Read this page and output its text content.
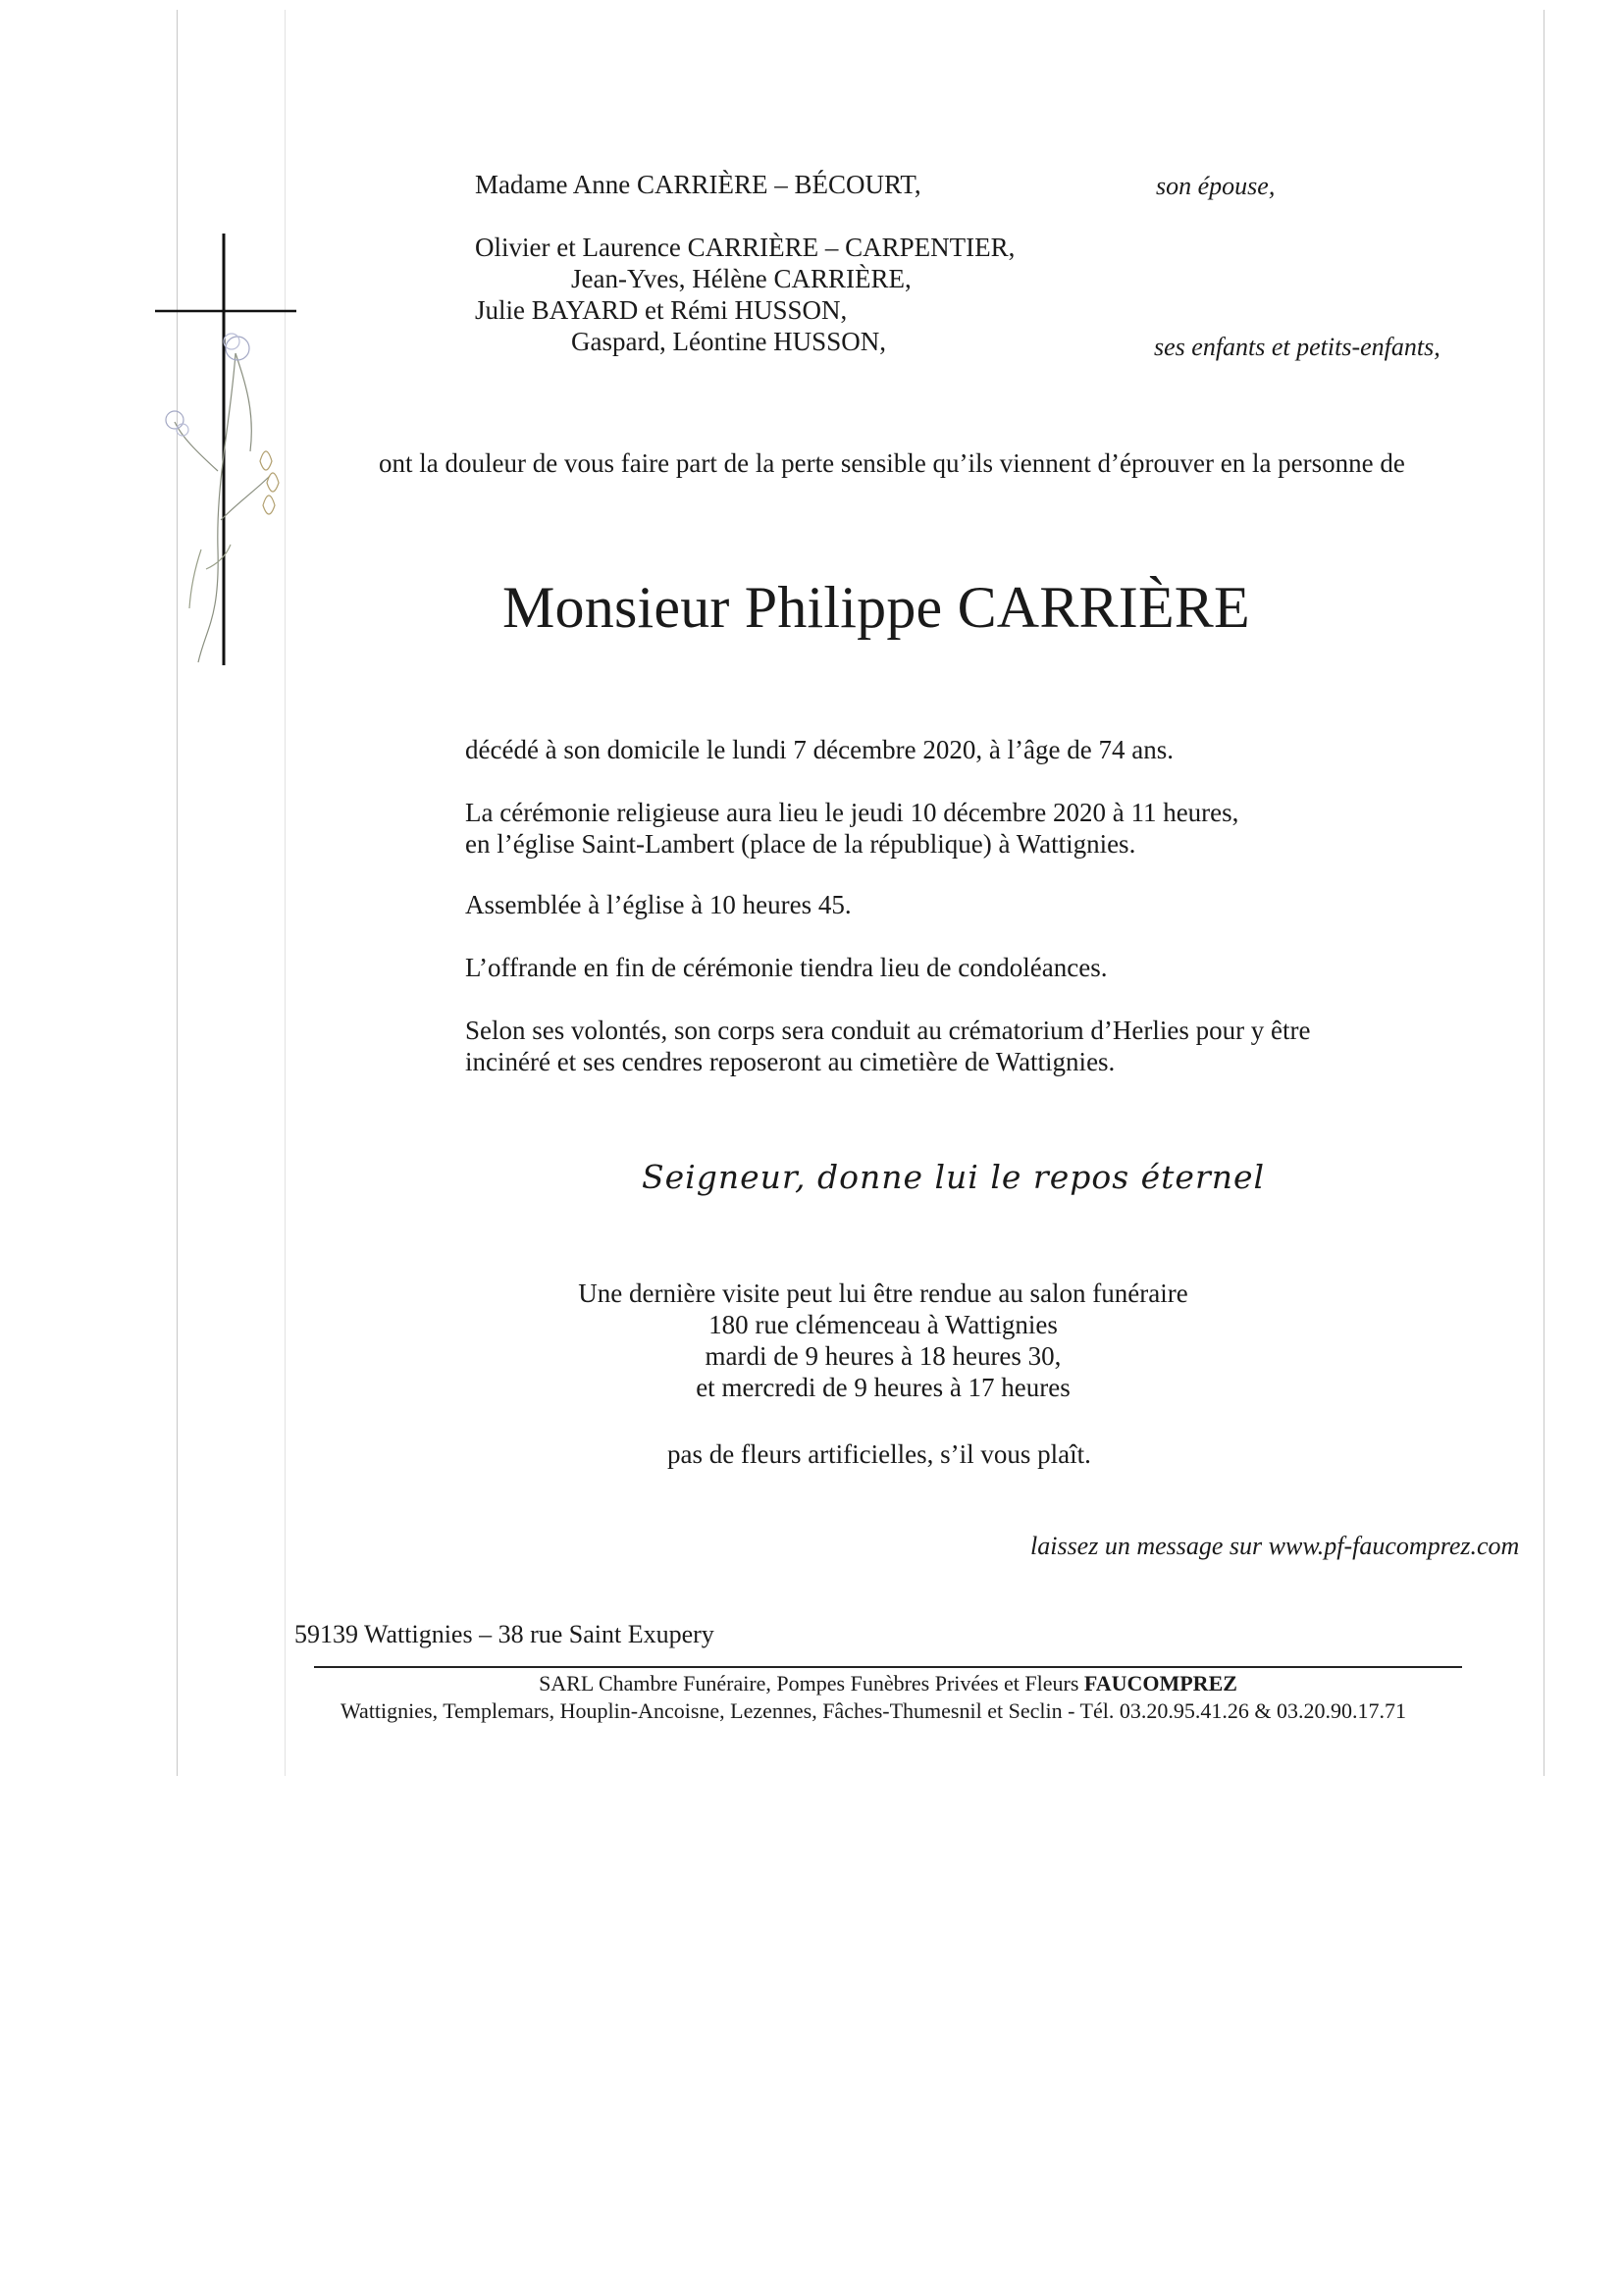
Madame Anne CARRIÈRE – BÉCOURT,	son épouse,
Olivier et Laurence CARRIÈRE – CARPENTIER,
Jean-Yves, Hélène CARRIÈRE,
Julie BAYARD et Rémi HUSSON,
Gaspard, Léontine HUSSON,	ses enfants et petits-enfants,
ont la douleur de vous faire part de la perte sensible qu’ils viennent d’éprouver en la personne de
Monsieur Philippe CARRIÈRE
décédé à son domicile le lundi 7 décembre 2020, à l’âge de 74 ans.
La cérémonie religieuse aura lieu le jeudi 10 décembre 2020 à 11 heures,
en l’église Saint-Lambert (place de la république) à Wattignies.
Assemblée à l’église à 10 heures 45.
L’offrande en fin de cérémonie tiendra lieu de condoléances.
Selon ses volontés, son corps sera conduit au crématorium d’Herlies pour y être
incinéré et ses cendres reposeront au cimetière de Wattignies.
Seigneur, donne lui le repos éternel
Une dernière visite peut lui être rendue au salon funéraire
180 rue clémenceau à Wattignies
mardi de 9 heures à 18 heures 30,
et mercredi de 9 heures à 17 heures
pas de fleurs artificielles, s’il vous plaît.
laissez un message sur www.pf-faucomprez.com
59139 Wattignies – 38 rue Saint Exupery
SARL Chambre Funéraire, Pompes Funèbres Privées et Fleurs FAUCOMPREZ
Wattignies, Templemars, Houplin-Ancoisne, Lezennes, Fâches-Thumesnil et Seclin - Tél. 03.20.95.41.26 & 03.20.90.17.71
